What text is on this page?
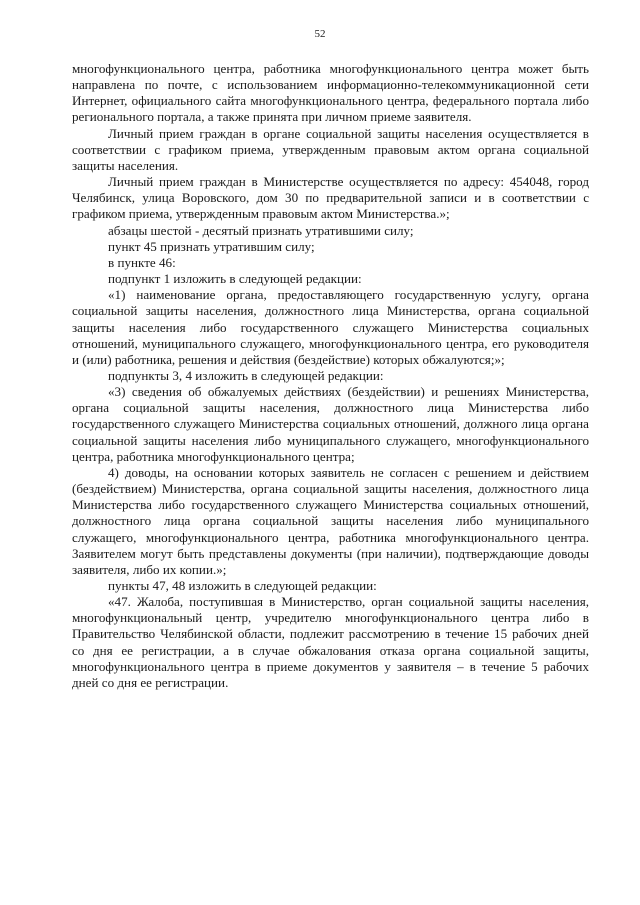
52

многофункционального центра, работника многофункционального центра может быть направлена по почте, с использованием информационно-телекоммуникационной сети Интернет, официального сайта многофункционального центра, федерального портала либо регионального портала, а также принята при личном приеме заявителя.

Личный прием граждан в органе социальной защиты населения осуществляется в соответствии с графиком приема, утвержденным правовым актом органа социальной защиты населения.

Личный прием граждан в Министерстве осуществляется по адресу: 454048, город Челябинск, улица Воровского, дом 30 по предварительной записи и в соответствии с графиком приема, утвержденным правовым актом Министерства.»;

абзацы шестой - десятый признать утратившими силу;

пункт 45 признать утратившим силу;

в пункте 46:

подпункт 1 изложить в следующей редакции:

«1) наименование органа, предоставляющего государственную услугу, органа социальной защиты населения, должностного лица Министерства, органа социальной защиты населения либо государственного служащего Министерства социальных отношений, муниципального служащего, многофункционального центра, его руководителя и (или) работника, решения и действия (бездействие) которых обжалуются;»;

подпункты 3, 4 изложить в следующей редакции:

«3) сведения об обжалуемых действиях (бездействии) и решениях Министерства, органа социальной защиты населения, должностного лица Министерства либо государственного служащего Министерства социальных отношений, должного лица органа социальной защиты населения либо муниципального служащего, многофункционального центра, работника многофункционального центра;

4) доводы, на основании которых заявитель не согласен с решением и действием (бездействием) Министерства, органа социальной защиты населения, должностного лица Министерства либо государственного служащего Министерства социальных отношений, должностного лица органа социальной защиты населения либо муниципального служащего, многофункционального центра, работника многофункционального центра. Заявителем могут быть представлены документы (при наличии), подтверждающие доводы заявителя, либо их копии.»;

пункты 47, 48 изложить в следующей редакции:

«47. Жалоба, поступившая в Министерство, орган социальной защиты населения, многофункциональный центр, учредителю многофункционального центра либо в Правительство Челябинской области, подлежит рассмотрению в течение 15 рабочих дней со дня ее регистрации, а в случае обжалования отказа органа социальной защиты, многофункционального центра в приеме документов у заявителя – в течение 5 рабочих дней со дня ее регистрации.
